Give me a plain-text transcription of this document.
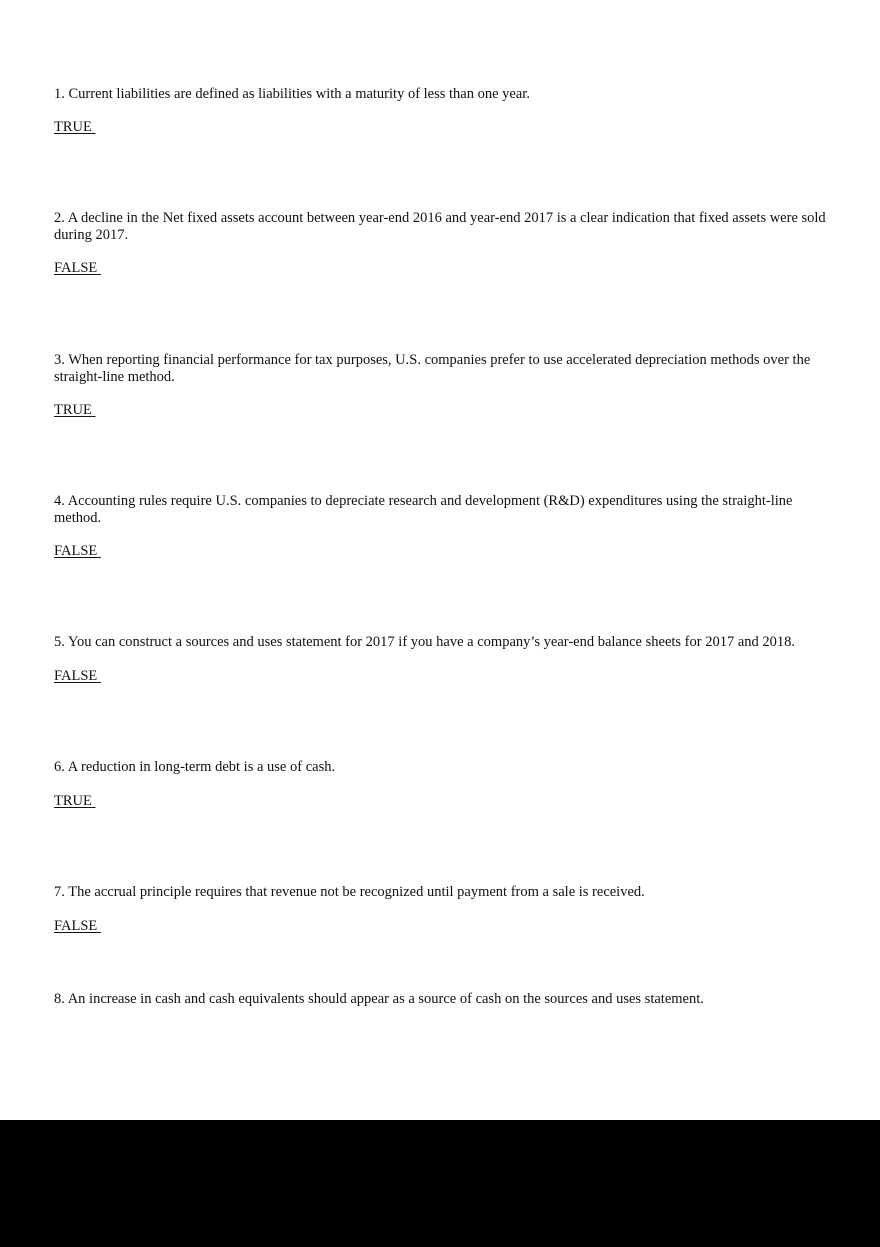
1. Current liabilities are defined as liabilities with a maturity of less than one year.
TRUE
2. A decline in the Net fixed assets account between year-end 2016 and year-end 2017 is a clear indication that fixed assets were sold during 2017.
FALSE
3. When reporting financial performance for tax purposes, U.S. companies prefer to use accelerated depreciation methods over the straight-line method.
TRUE
4. Accounting rules require U.S. companies to depreciate research and development (R&D) expenditures using the straight-line method.
FALSE
5. You can construct a sources and uses statement for 2017 if you have a company’s year-end balance sheets for 2017 and 2018.
FALSE
6. A reduction in long-term debt is a use of cash.
TRUE
7. The accrual principle requires that revenue not be recognized until payment from a sale is received.
FALSE
8. An increase in cash and cash equivalents should appear as a source of cash on the sources and uses statement.
